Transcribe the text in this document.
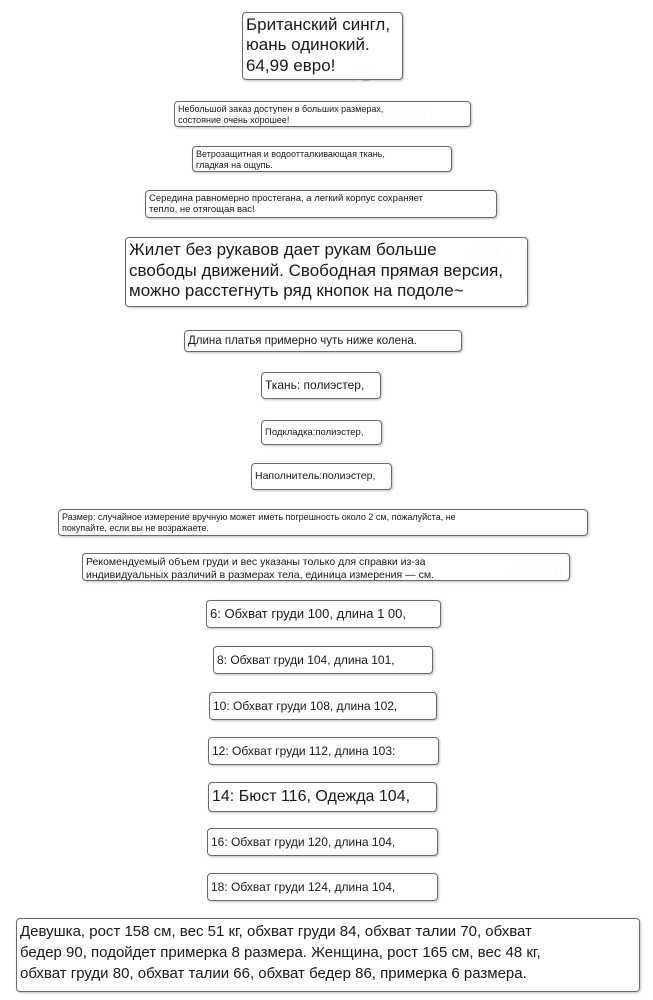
Британский сингл,
юань одинокий.
64,99 евро!
Небольшой заказ доступен в больших размерах,
состояние очень хорошее!
Ветрозащитная и водоотталкивающая ткань,
гладкая на ощупь.
Середина равномерно простегана, а легкий корпус сохраняет
тепло, не отягощая вас!
Жилет без рукавов дает рукам больше
свободы движений. Свободная прямая версия,
можно расстегнуть ряд кнопок на подоле~
Длина платья примерно чуть ниже колена.
Ткань: полиэстер,
Подкладка:полиэстер,
Наполнитель:полиэстер,
Размер: случайное измерение вручную может иметь погрешность около 2 см, пожалуйста, не
покупайте, если вы не возражаете.
Рекомендуемый объем груди и вес указаны только для справки из-за
индивидуальных различий в размерах тела, единица измерения — см.
6: Обхват груди 100, длина 1 00,
8: Обхват груди 104, длина 101,
10: Обхват груди 108, длина 102,
12: Обхват груди 112, длина 103:
14: Бюст 116, Одежда 104,
16: Обхват груди 120, длина 104,
18: Обхват груди 124, длина 104,
Девушка, рост 158 см, вес 51 кг, обхват груди 84, обхват талии 70, обхват
бедер 90, подойдет примерка 8 размера. Женщина, рост 165 см, вес 48 кг,
обхват груди 80, обхват талии 66, обхват бедер 86, примерка 6 размера.
